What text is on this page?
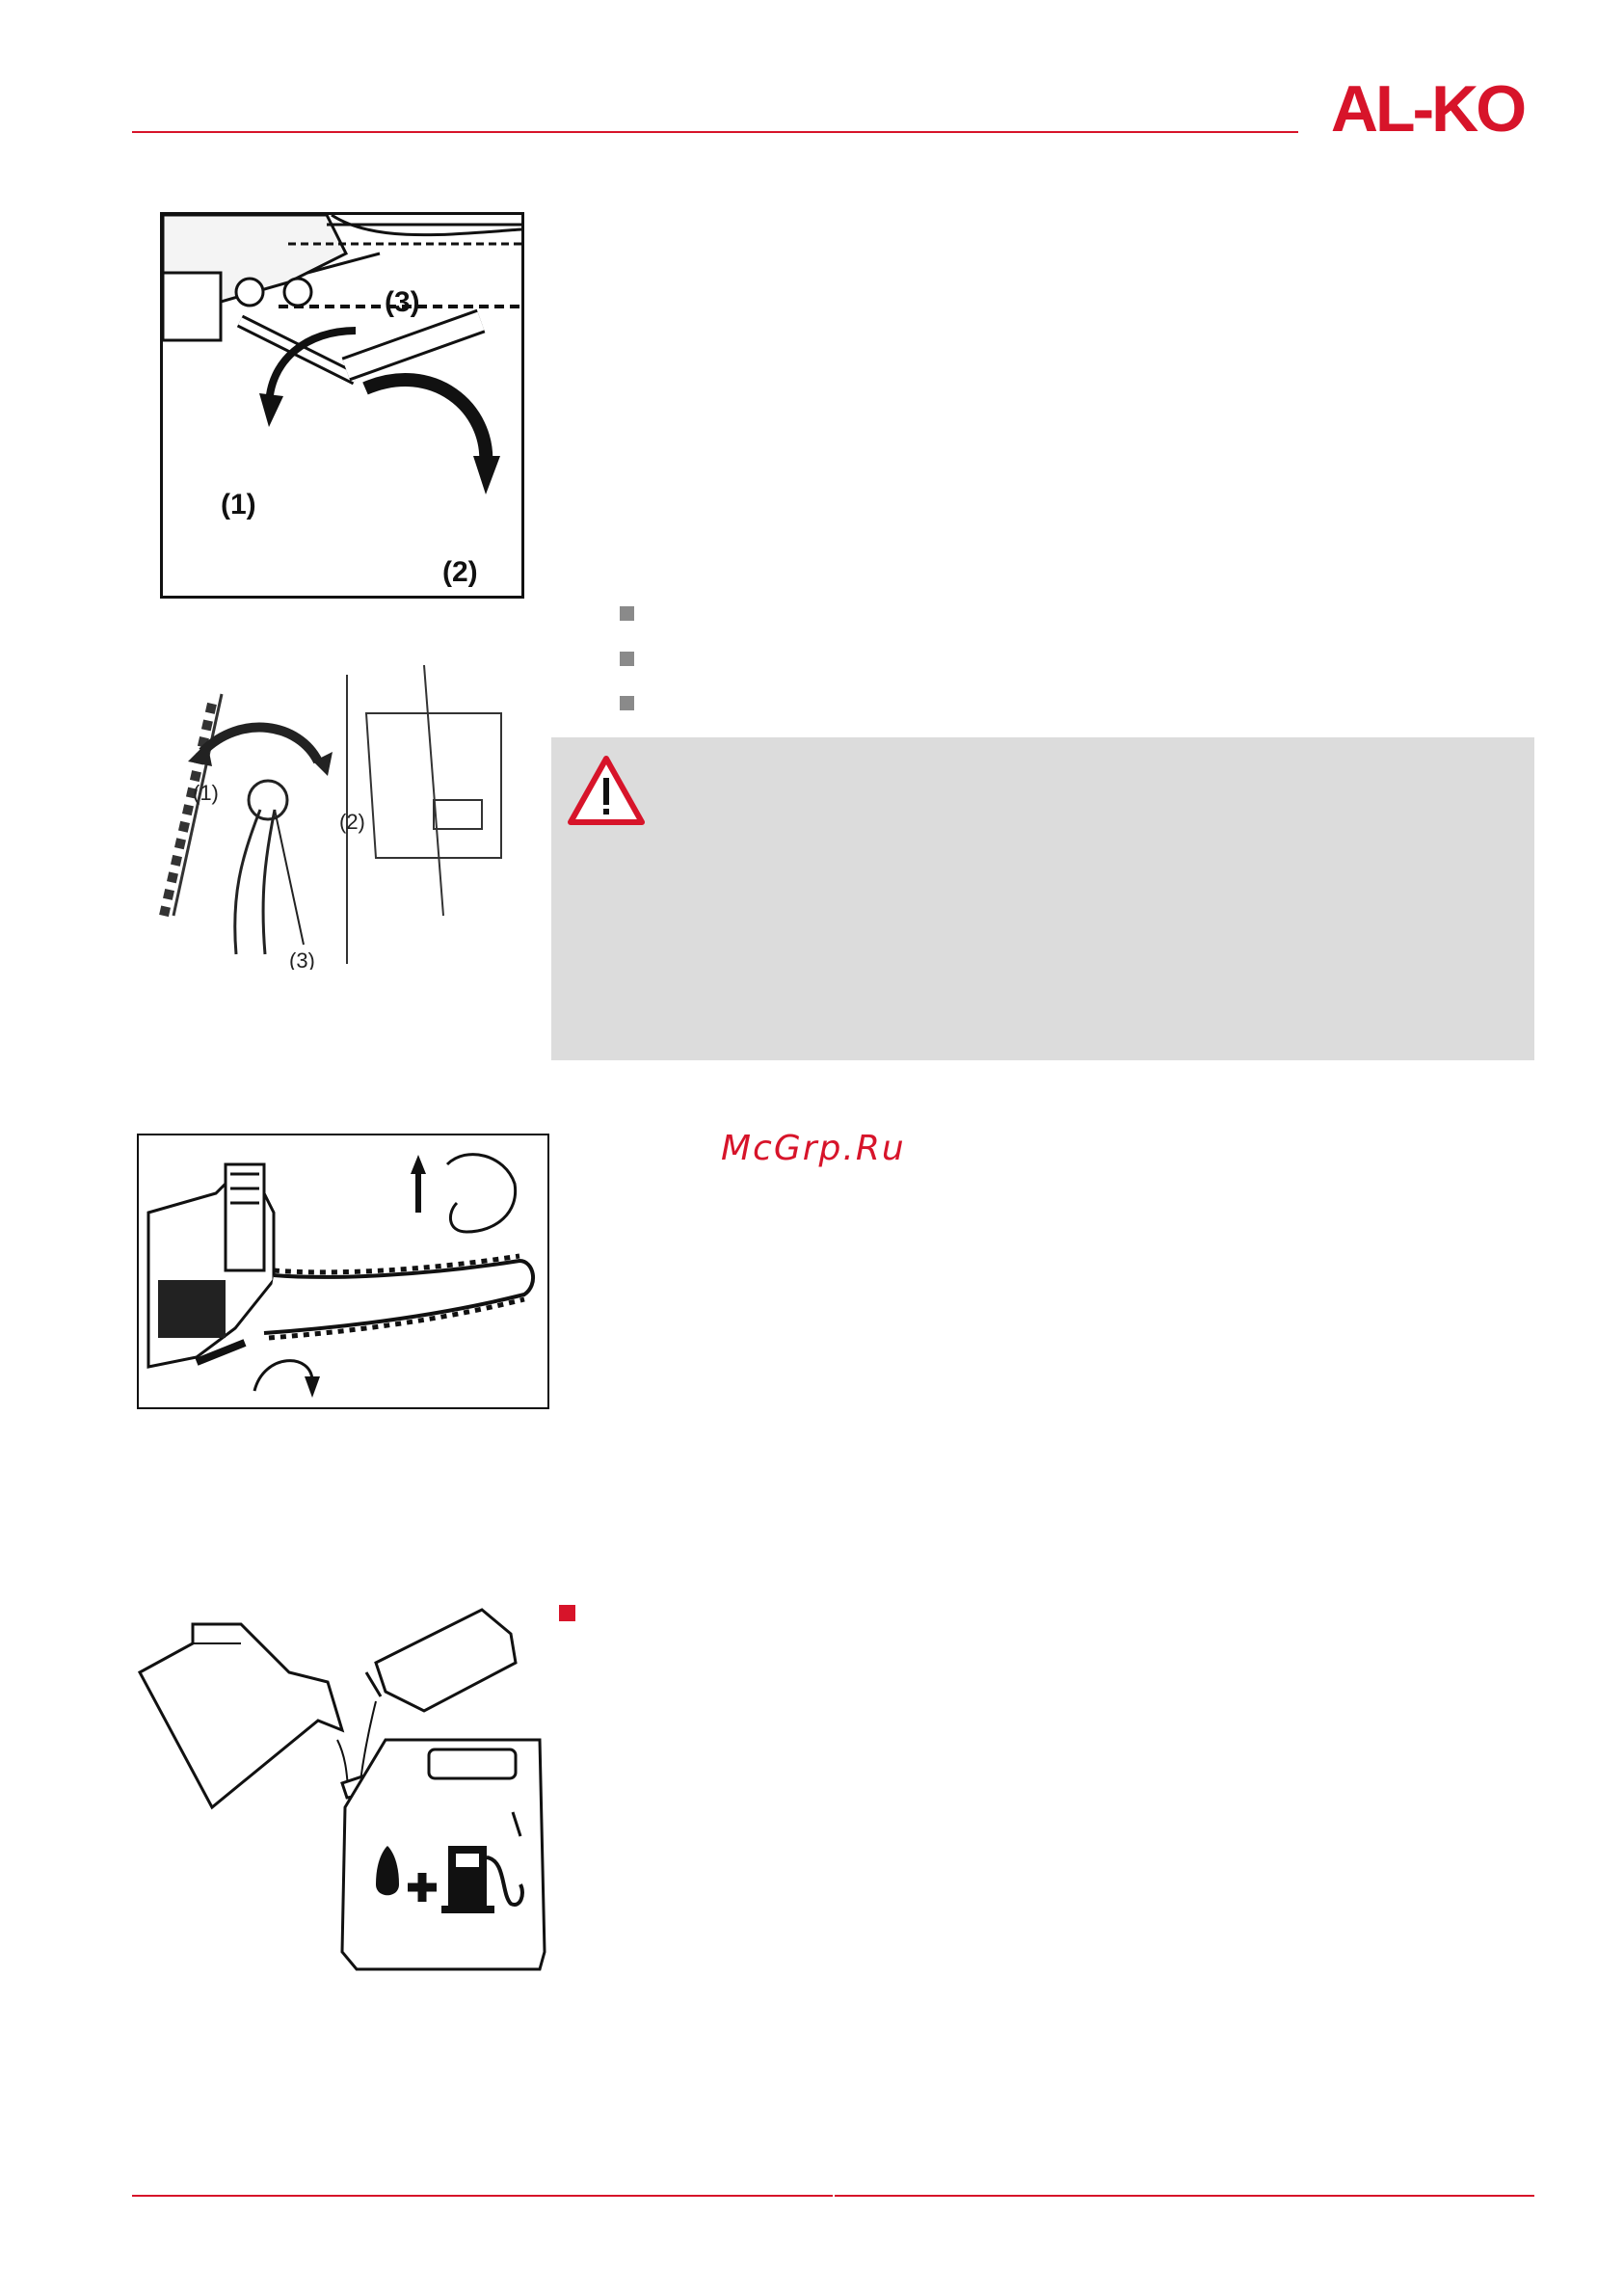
AL-KO
(1)
(2)
(3)
(1)
(2)
(3)
McGrp.Ru
